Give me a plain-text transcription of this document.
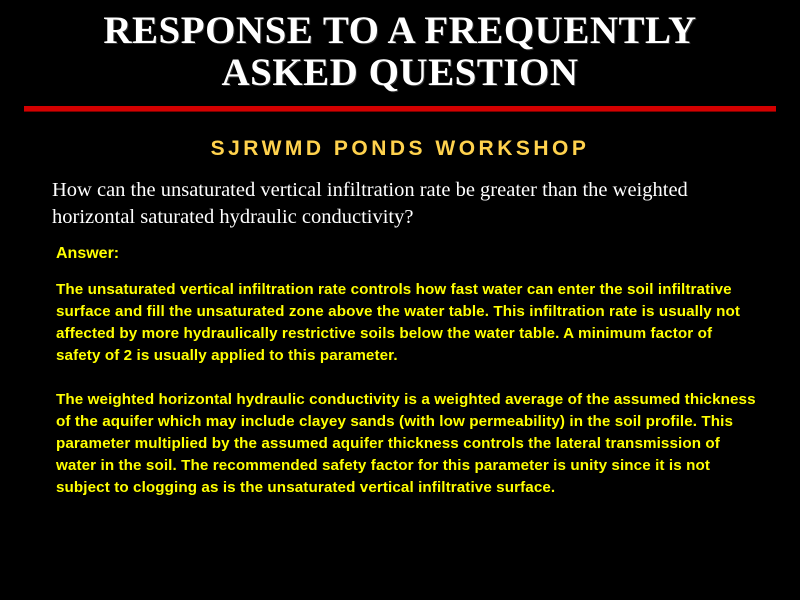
RESPONSE TO A FREQUENTLY
ASKED QUESTION
SJRWMD PONDS WORKSHOP
How can the unsaturated vertical infiltration rate be greater than the weighted horizontal saturated hydraulic conductivity?
Answer:
The unsaturated vertical infiltration rate controls how fast water can enter the soil infiltrative surface and fill the unsaturated zone above the water table. This infiltration rate is usually not affected by more hydraulically restrictive soils below the water table. A minimum factor of safety of 2 is usually applied to this parameter.
The weighted horizontal hydraulic conductivity is a weighted average of the assumed thickness of the aquifer which may include clayey sands (with low permeability) in the soil profile. This parameter multiplied by the assumed aquifer thickness controls the lateral transmission of water in the soil. The recommended safety factor for this parameter is unity since it is not subject to clogging as is the unsaturated vertical infiltrative surface.
